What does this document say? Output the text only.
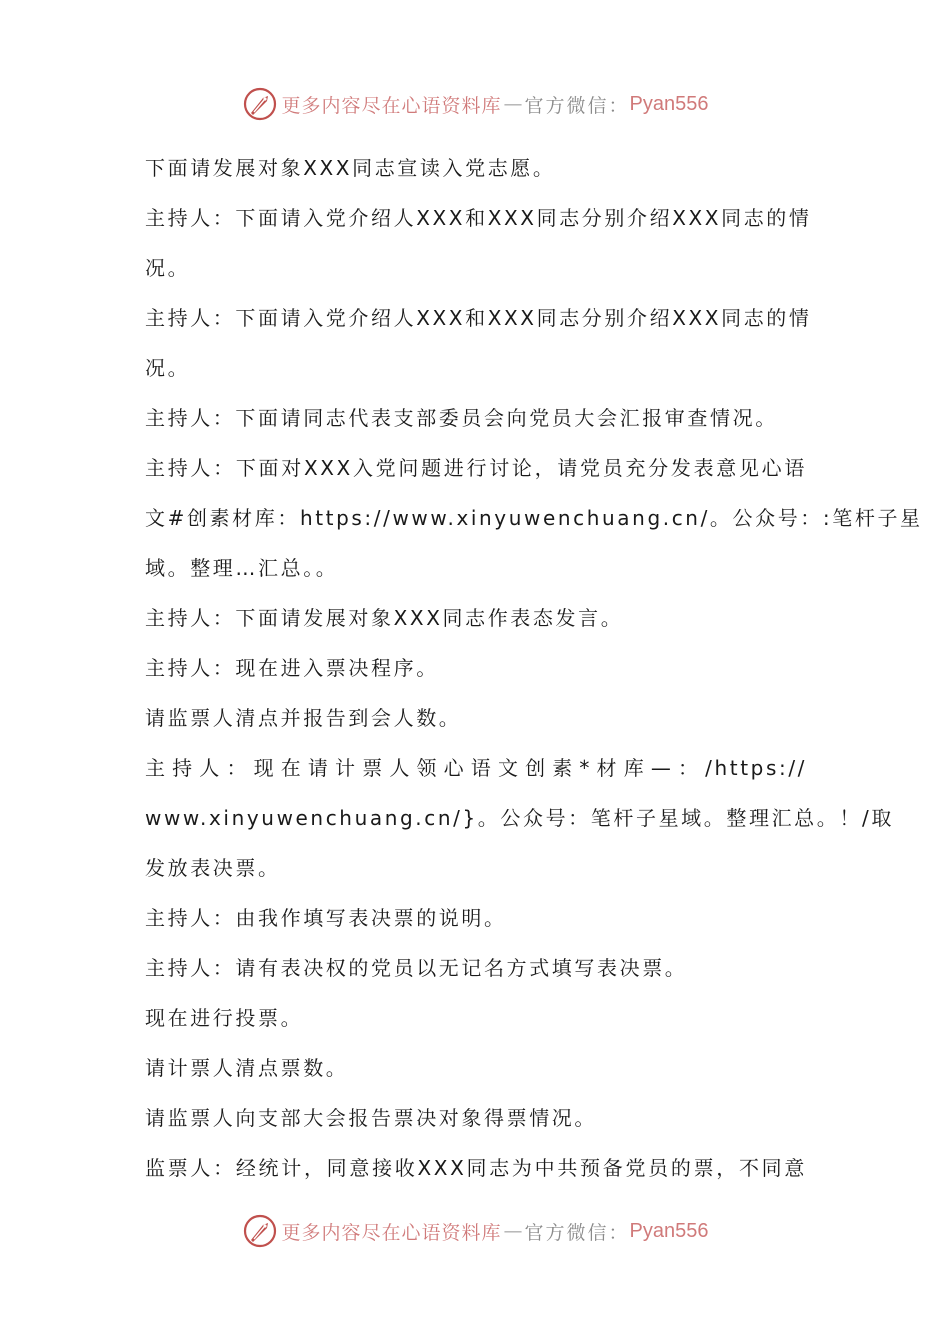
更多内容尽在心语资料库 — 官方微信： Pyan556
下面请发展对象XXX同志宣读入党志愿。
主持人：下面请入党介绍人XXX和XXX同志分别介绍XXX同志的情
况。
主持人：下面请入党介绍人XXX和XXX同志分别介绍XXX同志的情
况。
主持人：下面请同志代表支部委员会向党员大会汇报审查情况。
主持人：下面对XXX入党问题进行讨论，请党员充分发表意见心语
文#创素材库：https://www.xinyuwenchuang.cn/。公众号：:笔杆子星
域。整理…汇总。。
主持人：下面请发展对象XXX同志作表态发言。
主持人：现在进入票决程序。
请监票人清点并报告到会人数。
主持人：现在请计票人领心语文创素*材库—：/https://
www.xinyuwenchuang.cn/}。公众号：笔杆子星域。整理汇总。！/取
发放表决票。
主持人：由我作填写表决票的说明。
主持人：请有表决权的党员以无记名方式填写表决票。
现在进行投票。
请计票人清点票数。
请监票人向支部大会报告票决对象得票情况。
监票人：经统计，同意接收XXX同志为中共预备党员的票，不同意
更多内容尽在心语资料库 — 官方微信： Pyan556
